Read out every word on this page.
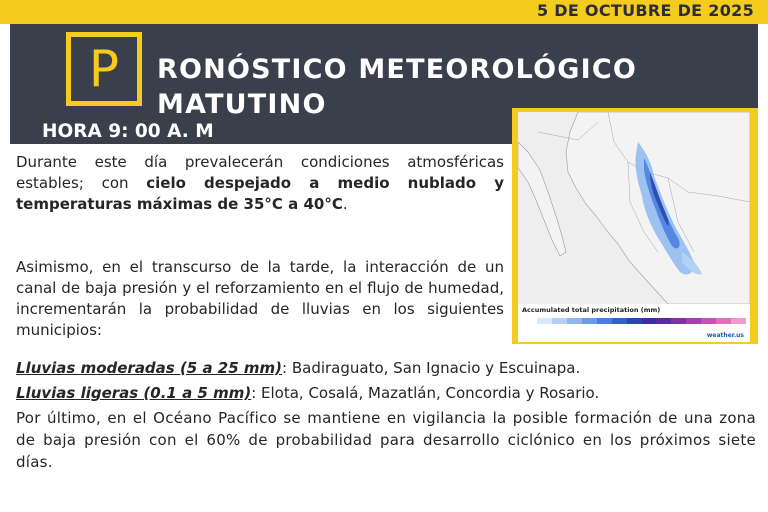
5 DE OCTUBRE DE 2025
P	RONÓSTICO METEOROLÓGICO
MATUTINO
HORA 9: 00 A. M
Accumulated total precipitation (mm)
weather.us
Durante este día prevalecerán condiciones atmosféricas estables; con cielo despejado a medio nublado y temperaturas máximas de 35°C a 40°C.
Asimismo, en el transcurso de la tarde, la interacción de un canal de baja presión y el reforzamiento en el flujo de humedad, incrementarán la probabilidad de lluvias en los siguientes municipios:
Lluvias moderadas (5 a 25 mm): Badiraguato, San Ignacio y Escuinapa.
Lluvias ligeras (0.1 a 5 mm): Elota, Cosalá, Mazatlán, Concordia y Rosario.
Por último, en el Océano Pacífico se mantiene en vigilancia la posible formación de una zona de baja presión con el 60% de probabilidad para desarrollo ciclónico en los próximos siete días.
